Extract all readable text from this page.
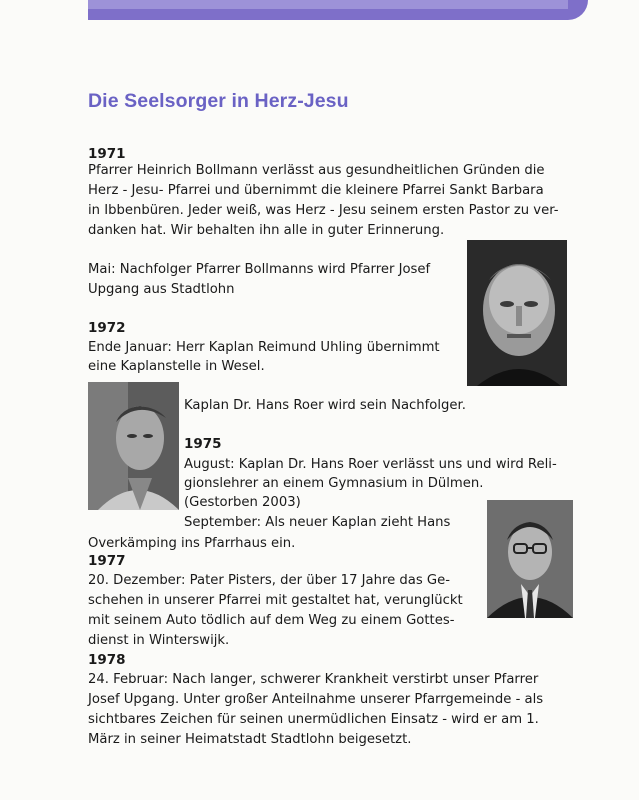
Die Seelsorger in Herz-Jesu
1971
Pfarrer Heinrich Bollmann verlässt aus gesundheitlichen Gründen die
Herz - Jesu- Pfarrei und übernimmt die kleinere Pfarrei Sankt Barbara
in Ibbenbüren. Jeder weiß, was Herz - Jesu seinem ersten Pastor zu ver-
danken hat. Wir behalten ihn alle in guter Erinnerung.
Mai: Nachfolger Pfarrer Bollmanns wird Pfarrer Josef
Upgang aus Stadtlohn
1972
Ende Januar: Herr Kaplan Reimund Uhling übernimmt
eine Kaplanstelle in Wesel.
Kaplan Dr. Hans Roer wird sein Nachfolger.
1975
August: Kaplan Dr. Hans Roer verlässt uns und wird Reli-
gionslehrer an einem Gymnasium in Dülmen.
(Gestorben 2003)
September: Als neuer Kaplan zieht Hans
Overkämping ins Pfarrhaus ein.
1977
20. Dezember: Pater Pisters, der über 17 Jahre das Ge-
schehen in unserer Pfarrei mit gestaltet hat, verunglückt
mit seinem Auto tödlich auf dem Weg zu einem Gottes-
dienst in Winterswijk.
1978
24. Februar: Nach langer, schwerer Krankheit verstirbt unser Pfarrer
Josef Upgang. Unter großer Anteilnahme unserer Pfarrgemeinde - als
sichtbares Zeichen für seinen unermüdlichen Einsatz - wird er am 1.
März in seiner Heimatstadt Stadtlohn beigesetzt.
